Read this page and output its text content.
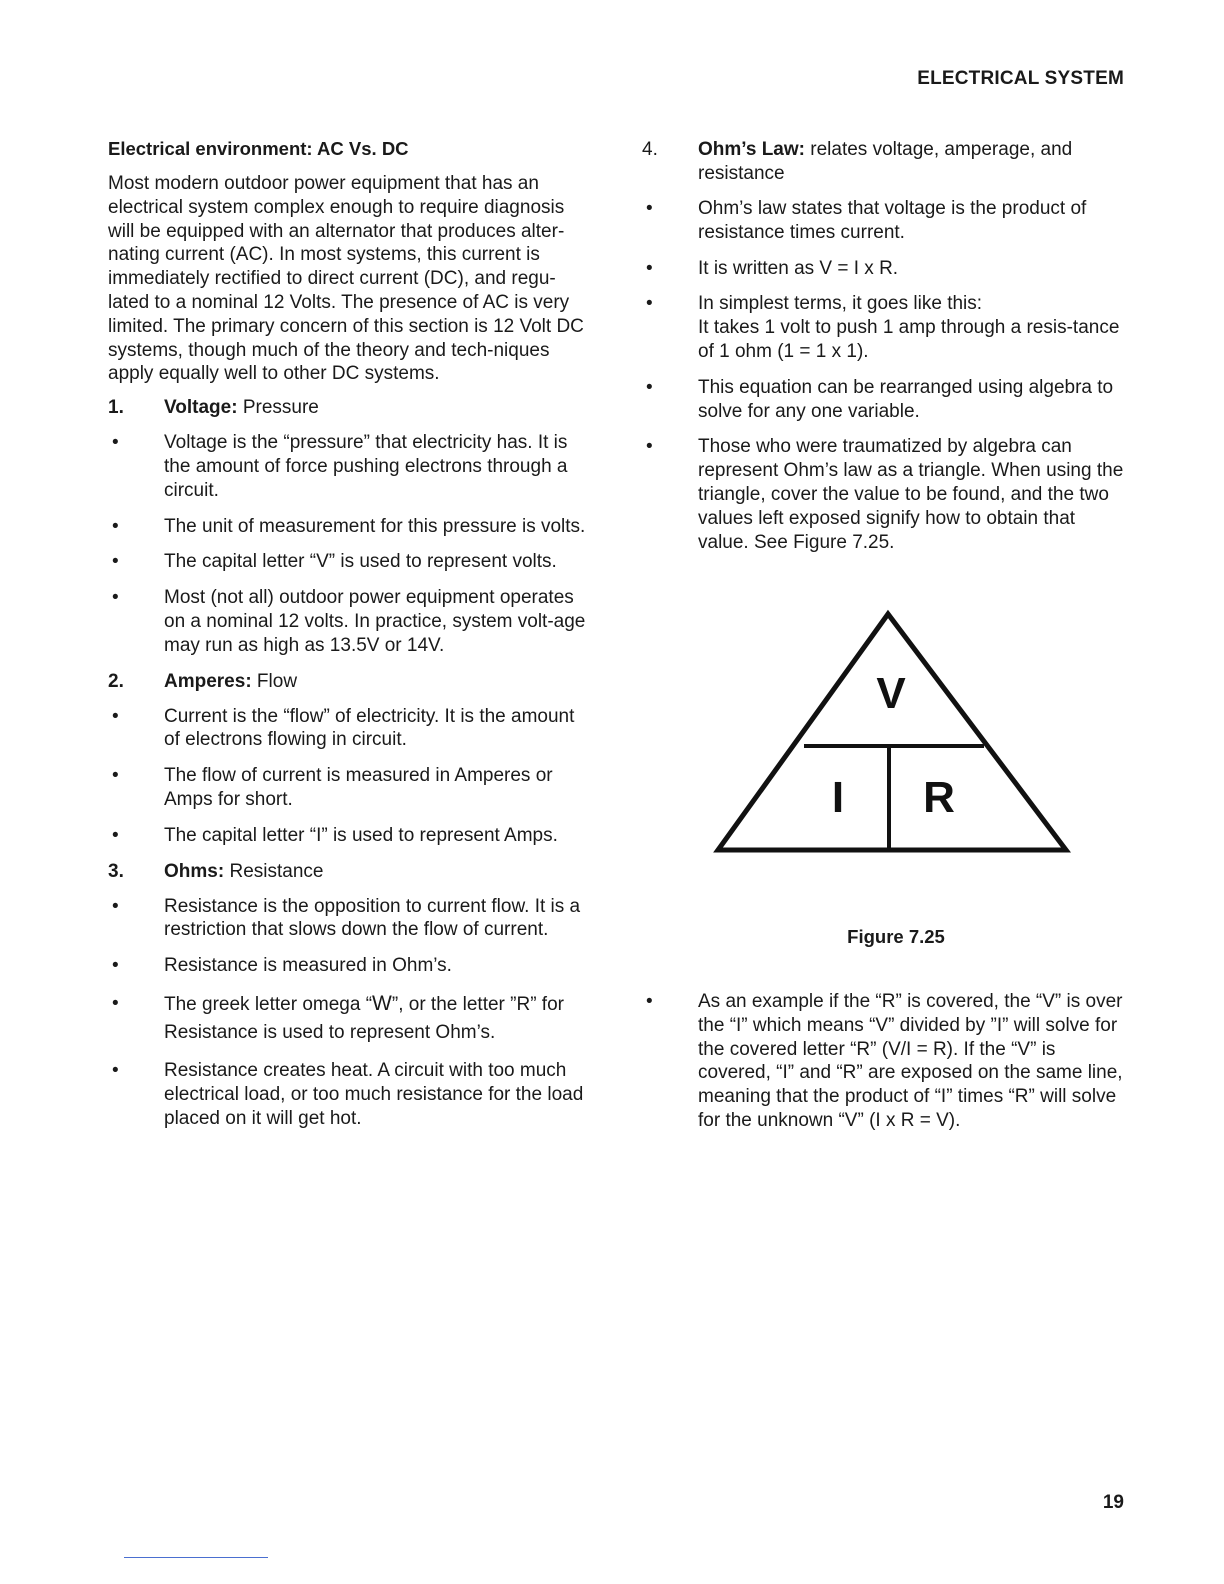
ELECTRICAL SYSTEM
Electrical environment: AC Vs. DC
Most modern outdoor power equipment that has an electrical system complex enough to require diagnosis will be equipped with an alternator that produces alter-nating current (AC). In most systems, this current is immediately rectified to direct current (DC), and regu-lated to a nominal 12 Volts. The presence of AC is very limited. The primary concern of this section is 12 Volt DC systems, though much of the theory and tech-niques apply equally well to other DC systems.
1.	Voltage: Pressure
•	Voltage is the “pressure” that electricity has. It is the amount of force pushing electrons through a circuit.
•	The unit of measurement for this pressure is volts.
•	The capital letter “V” is used to represent volts.
•	Most (not all) outdoor power equipment operates on a nominal 12 volts. In practice, system volt-age may run as high as 13.5V or 14V.
2.	Amperes: Flow
•	Current is the “flow” of electricity. It is the amount of electrons flowing in circuit.
•	The flow of current is measured in Amperes or Amps for short.
•	The capital letter “I” is used to represent Amps.
3.	Ohms: Resistance
•	Resistance is the opposition to current flow. It is a restriction that slows down the flow of current.
•	Resistance is measured in Ohm’s.
•	The greek letter omega “W”, or the letter ”R” for Resistance is used to represent Ohm’s.
•	Resistance creates heat. A circuit with too much electrical load, or too much resistance for the load placed on it will get hot.
4.	Ohm’s Law: relates voltage, amperage, and resistance
•	Ohm’s law states that voltage is the product of resistance times current.
•	It is written as V = I x R.
•	In simplest terms, it goes like this:
It takes 1 volt to push 1 amp through a resis-tance of 1 ohm (1 = 1 x 1).
•	This equation can be rearranged using algebra to solve for any one variable.
•	Those who were traumatized by algebra can represent Ohm’s law as a triangle. When using the triangle, cover the value to be found, and the two values left exposed signify how to obtain that value. See Figure 7.25.
V
I R
Figure 7.25
•	As an example if the “R” is covered, the “V” is over the “I” which means “V” divided by ”I” will solve for the covered letter “R” (V/I = R). If the “V” is covered, “I” and “R” are exposed on the same line, meaning that the product of “I” times “R” will solve for the unknown “V” (I x R = V).
19
